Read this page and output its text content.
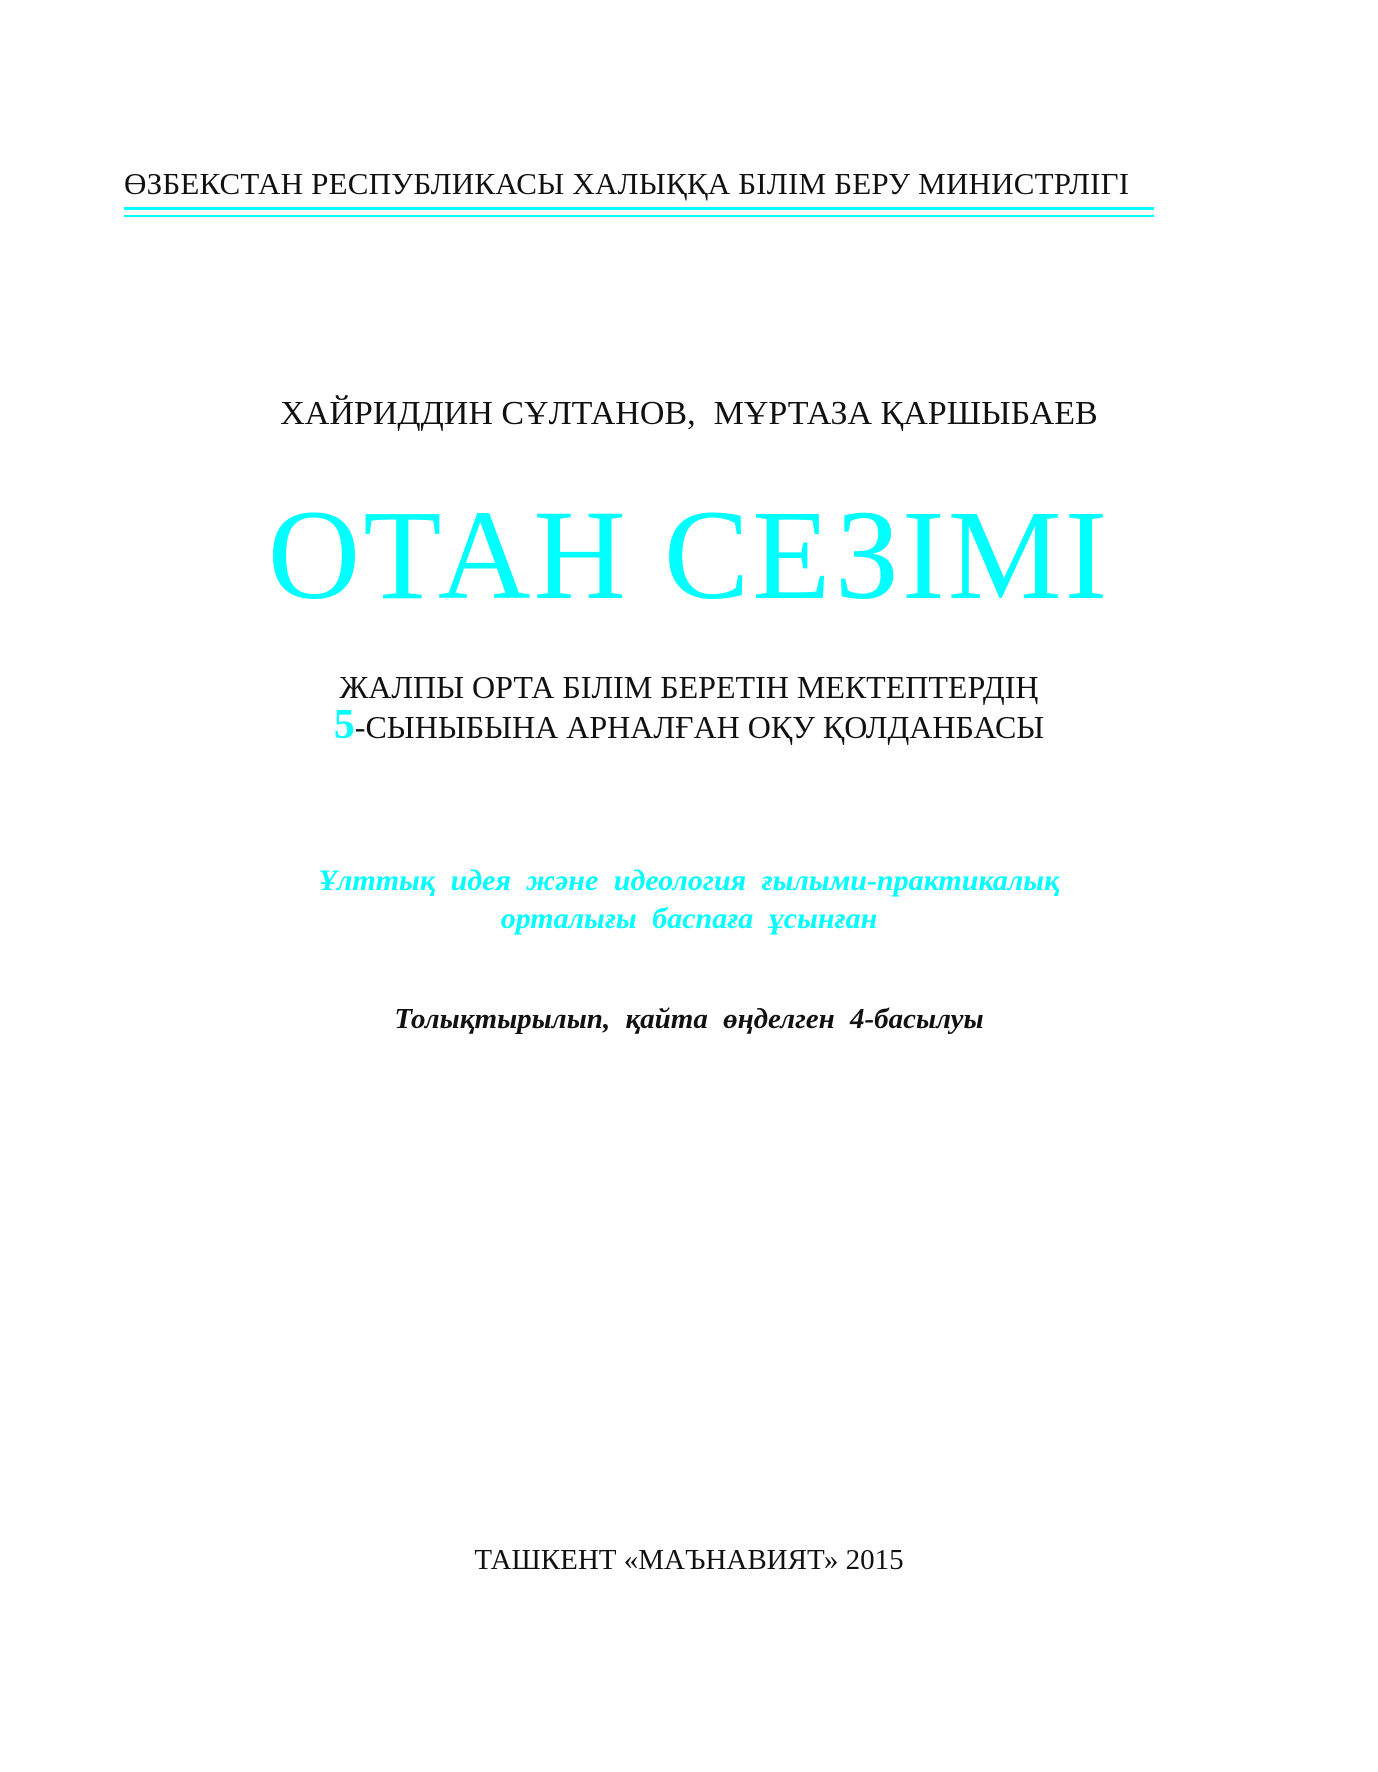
ӨЗБЕКСТАН РЕСПУБЛИКАСЫ ХАЛЫҚҚА БІЛІМ БЕРУ МИНИСТРЛІГІ
ХАЙРИДДИН СҰЛТАНОВ, МҰРТАЗА ҚАРШЫБАЕВ
ОТАН СЕЗІМІ
ЖАЛПЫ ОРТА БІЛІМ БЕРЕТІН МЕКТЕПТЕРДІҢ
5-СЫНЫБЫНА АРНАЛҒАН ОҚУ ҚОЛДАНБАСЫ
Ұлттық идея және идеология ғылыми-практикалық
орталығы баспаға ұсынған
Толықтырылып, қайта өңделген 4-басылуы
ТАШКЕНТ «МАЪНАВИЯТ» 2015
